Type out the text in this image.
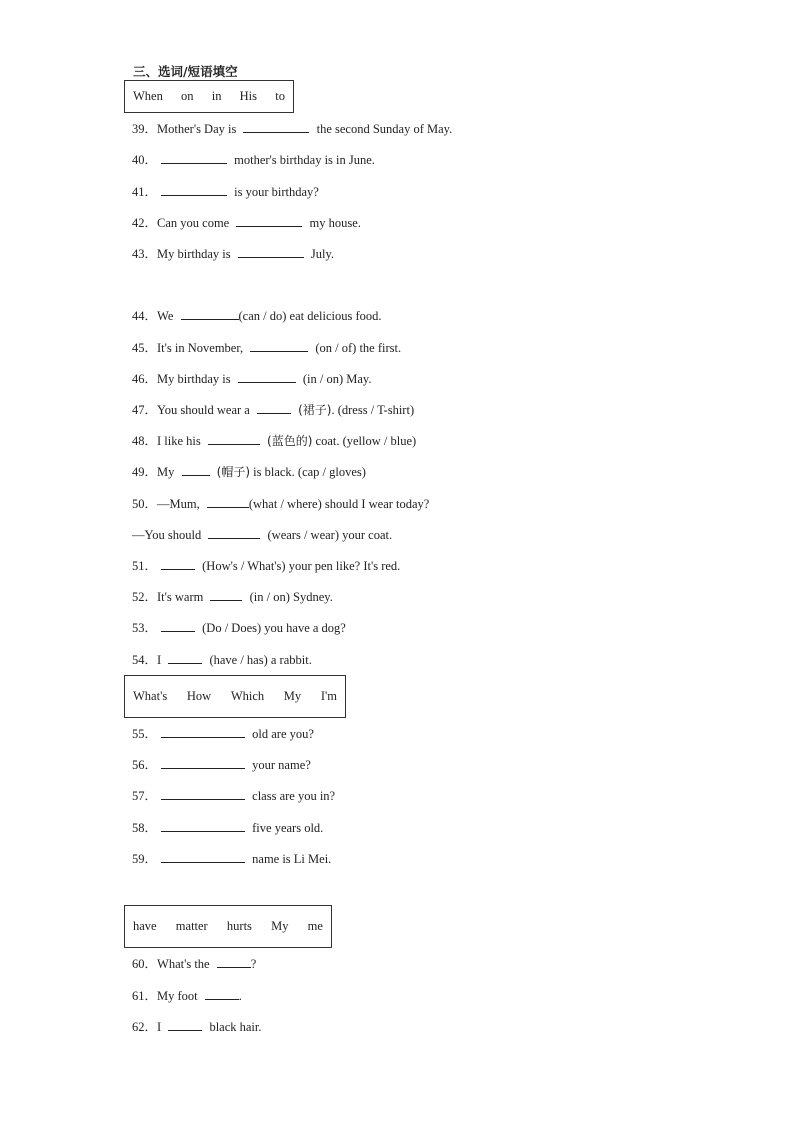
三、选词/短语填空
When on in His to
39．Mother's Day is	the second Sunday of May.
40．	mother's birthday is in June.
41．	is your birthday?
42．Can you come	my house.
43．My birthday is	July.
44．We	(can / do) eat delicious food.
45．It's in November,	(on / of) the first.
46．My birthday is	(in / on) May.
47．You should wear a	(裙子). (dress / T-shirt)
48．I like his	(蓝色的) coat. (yellow / blue)
49．My	(帽子) is black. (cap / gloves)
50．—Mum,	(what / where) should I wear today?
—You should	(wears / wear) your coat.
51．	(How's / What's) your pen like? It's red.
52．It's warm	(in / on) Sydney.
53．	(Do / Does) you have a dog?
54．I	(have / has) a rabbit.
What's How Which My I'm
55．	old are you?
56．	your name?
57．	class are you in?
58．	five years old.
59．	name is Li Mei.
have matter hurts My me
60．What's the	?
61．My foot	.
62．I	black hair.
